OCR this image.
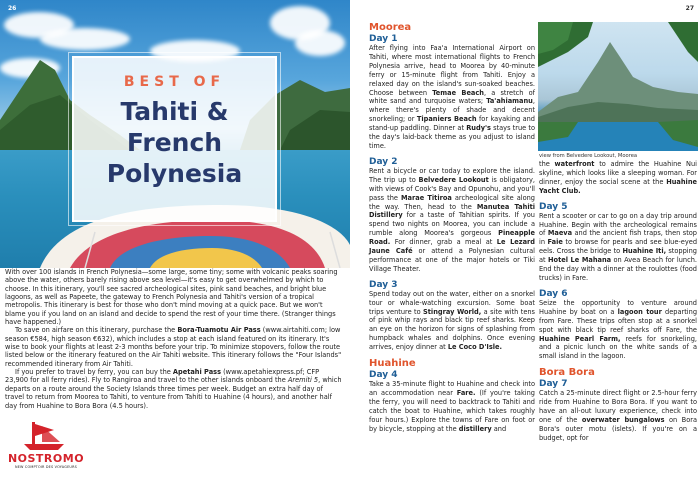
26
BEST OF
Tahiti &
French
Polynesia

With over 100 islands in French Polynesia—some large, some tiny; some with volcanic peaks soaring above the water, others barely rising above sea level—it's easy to get overwhelmed by which to choose. In this itinerary, you'll see sacred archeological sites, pink sand beaches, and bright blue lagoons, as well as Papeete, the gateway to French Polynesia and Tahiti's version of a tropical metropolis. This itinerary is best for those who don't mind moving at a quick pace. But we won't blame you if you land on an island and decide to spend the rest of your time there. (Stranger things have happened.)

To save on airfare on this itinerary, purchase the Bora-Tuamotu Air Pass (www.airtahiti.com; low season €584, high season €632), which includes a stop at each island featured on its itinerary. It's wise to book your flights at least 2-3 months before your trip. To minimize stopovers, follow the route listed below or the itinerary featured on the Air Tahiti website. This itinerary follows the "Four Islands" recommended itinerary from Air Tahiti.

If you prefer to travel by ferry, you can buy the Apetahi Pass (www.apetahiexpress.pf; CFP 23,900 for all ferry rides). Fly to Rangiroa and travel to the other islands onboard the Aremiti 5, which departs on a route around the Society Islands three times per week. Budget an extra half day of travel to return from Moorea to Tahiti, to venture from Tahiti to Huahine (4 hours), and another half day from Huahine to Bora Bora (4.5 hours).

NOSTROMO
NEW COMPTOIR DES VOYAGEURS
27
Moorea
Day 1

After flying into Faa'a International Airport on Tahiti, where most international flights to French Polynesia arrive, head to Moorea by 40-minute ferry or 15-minute flight from Tahiti. Enjoy a relaxed day on the island's sun-soaked beaches. Choose between Temae Beach, a stretch of white sand and turquoise waters; Ta'ahiamanu, where there's plenty of shade and decent snorkeling; or Tipaniers Beach for kayaking and stand-up paddling. Dinner at Rudy's stays true to the day's laid-back theme as you adjust to island time.

Day 2

Rent a bicycle or car today to explore the island. The trip up to Belvedere Lookout is obligatory, with views of Cook's Bay and Opunohu, and you'll pass the Marae Titiroa archeological site along the way. Then, head to the Manutea Tahiti Distillery for a taste of Tahitian spirits. If you spend two nights on Moorea, you can include a rumble along Moorea's gorgeous Pineapple Road. For dinner, grab a meal at Le Lezard Jaune Café or attend a Polynesian cultural performance at one of the major hotels or Tiki Village Theater.

Day 3

Spend today out on the water, either on a snorkel tour or whale-watching excursion. Some boat trips venture to Stingray World, a site with tens of pink whip rays and black tip reef sharks. Keep an eye on the horizon for signs of splashing from humpback whales and dolphins. Once evening arrives, enjoy dinner at Le Coco D'Isle.

Huahine
Day 4

Take a 35-minute flight to Huahine and check into an accommodation near Fare. (If you're taking the ferry, you will need to backtrack to Tahiti and catch the boat to Huahine, which takes roughly four hours.) Explore the towns of Fare on foot or by bicycle, stopping at the distillery and

view from Belvedere Lookout, Moorea

the waterfront to admire the Huahine Nui skyline, which looks like a sleeping woman. For dinner, enjoy the social scene at the Huahine Yacht Club.

Day 5

Rent a scooter or car to go on a day trip around Huahine. Begin with the archeological remains of Maeva and the ancient fish traps, then stop in Faie to browse for pearls and see blue-eyed eels. Cross the bridge to Huahine Iti, stopping at Hotel Le Mahana on Avea Beach for lunch. End the day with a dinner at the roulottes (food trucks) in Fare.

Day 6

Seize the opportunity to venture around Huahine by boat on a lagoon tour departing from Fare. These trips often stop at a snorkel spot with black tip reef sharks off Fare, the Huahine Pearl Farm, reefs for snorkeling, and a picnic lunch on the white sands of a small island in the lagoon.

Bora Bora
Day 7

Catch a 25-minute direct flight or 2.5-hour ferry ride from Huahine to Bora Bora. If you want to have an all-out luxury experience, check into one of the overwater bungalows on Bora Bora's outer motu (islets). If you're on a budget, opt for
